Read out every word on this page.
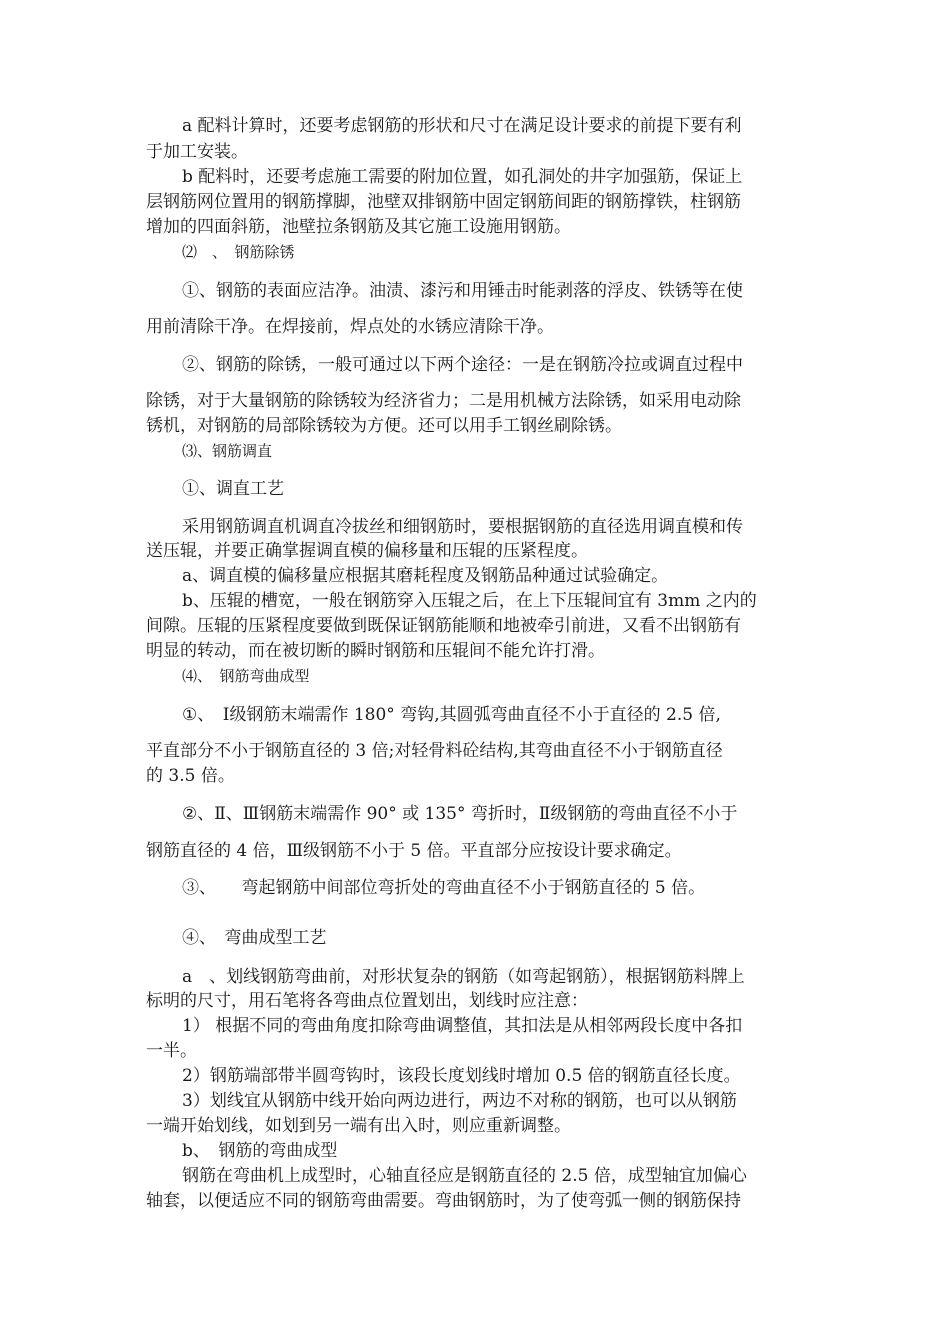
a 配料计算时，还要考虑钢筋的形状和尺寸在满足设计要求的前提下要有利

于加工安装。

b 配料时，还要考虑施工需要的附加位置，如孔洞处的井字加强筋，保证上

层钢筋网位置用的钢筋撑脚，池壁双排钢筋中固定钢筋间距的钢筋撑铁，柱钢筋

增加的四面斜筋，池壁拉条钢筋及其它施工设施用钢筋。

⑵　、　钢筋除锈

①、钢筋的表面应洁净。油渍、漆污和用锤击时能剥落的浮皮、铁锈等在使

用前清除干净。在焊接前，焊点处的水锈应清除干净。

②、钢筋的除锈，一般可通过以下两个途径：一是在钢筋冷拉或调直过程中

除锈，对于大量钢筋的除锈较为经济省力；二是用机械方法除锈，如采用电动除

锈机，对钢筋的局部除锈较为方便。还可以用手工钢丝刷除锈。

⑶、钢筋调直

①、调直工艺

采用钢筋调直机调直冷拔丝和细钢筋时，要根据钢筋的直径选用调直模和传

送压辊，并要正确掌握调直模的偏移量和压辊的压紧程度。

a、调直模的偏移量应根据其磨耗程度及钢筋品种通过试验确定。

b、压辊的槽宽，一般在钢筋穿入压辊之后，在上下压辊间宜有 3mm 之内的

间隙。压辊的压紧程度要做到既保证钢筋能顺和地被牵引前进，又看不出钢筋有

明显的转动，而在被切断的瞬时钢筋和压辊间不能允许打滑。

⑷、　钢筋弯曲成型

①、　Ⅰ级钢筋末端需作 180° 弯钩,其圆弧弯曲直径不小于直径的 2.5 倍,

平直部分不小于钢筋直径的 3 倍;对轻骨料砼结构,其弯曲直径不小于钢筋直径

的 3.5 倍。

②、Ⅱ、Ⅲ钢筋末端需作 90° 或 135° 弯折时，Ⅱ级钢筋的弯曲直径不小于

钢筋直径的 4 倍，Ⅲ级钢筋不小于 5 倍。平直部分应按设计要求确定。

③、　　弯起钢筋中间部位弯折处的弯曲直径不小于钢筋直径的 5 倍。

④、　弯曲成型工艺

a　、划线钢筋弯曲前，对形状复杂的钢筋（如弯起钢筋），根据钢筋料牌上

标明的尺寸，用石笔将各弯曲点位置划出，划线时应注意：

1） 根据不同的弯曲角度扣除弯曲调整值，其扣法是从相邻两段长度中各扣

一半。

2）钢筋端部带半圆弯钩时，该段长度划线时增加 0.5 倍的钢筋直径长度。

3）划线宜从钢筋中线开始向两边进行，两边不对称的钢筋，也可以从钢筋

一端开始划线，如划到另一端有出入时，则应重新调整。

b、　钢筋的弯曲成型

钢筋在弯曲机上成型时，心轴直径应是钢筋直径的 2.5 倍，成型轴宜加偏心

轴套，以便适应不同的钢筋弯曲需要。弯曲钢筋时，为了使弯弧一侧的钢筋保持
